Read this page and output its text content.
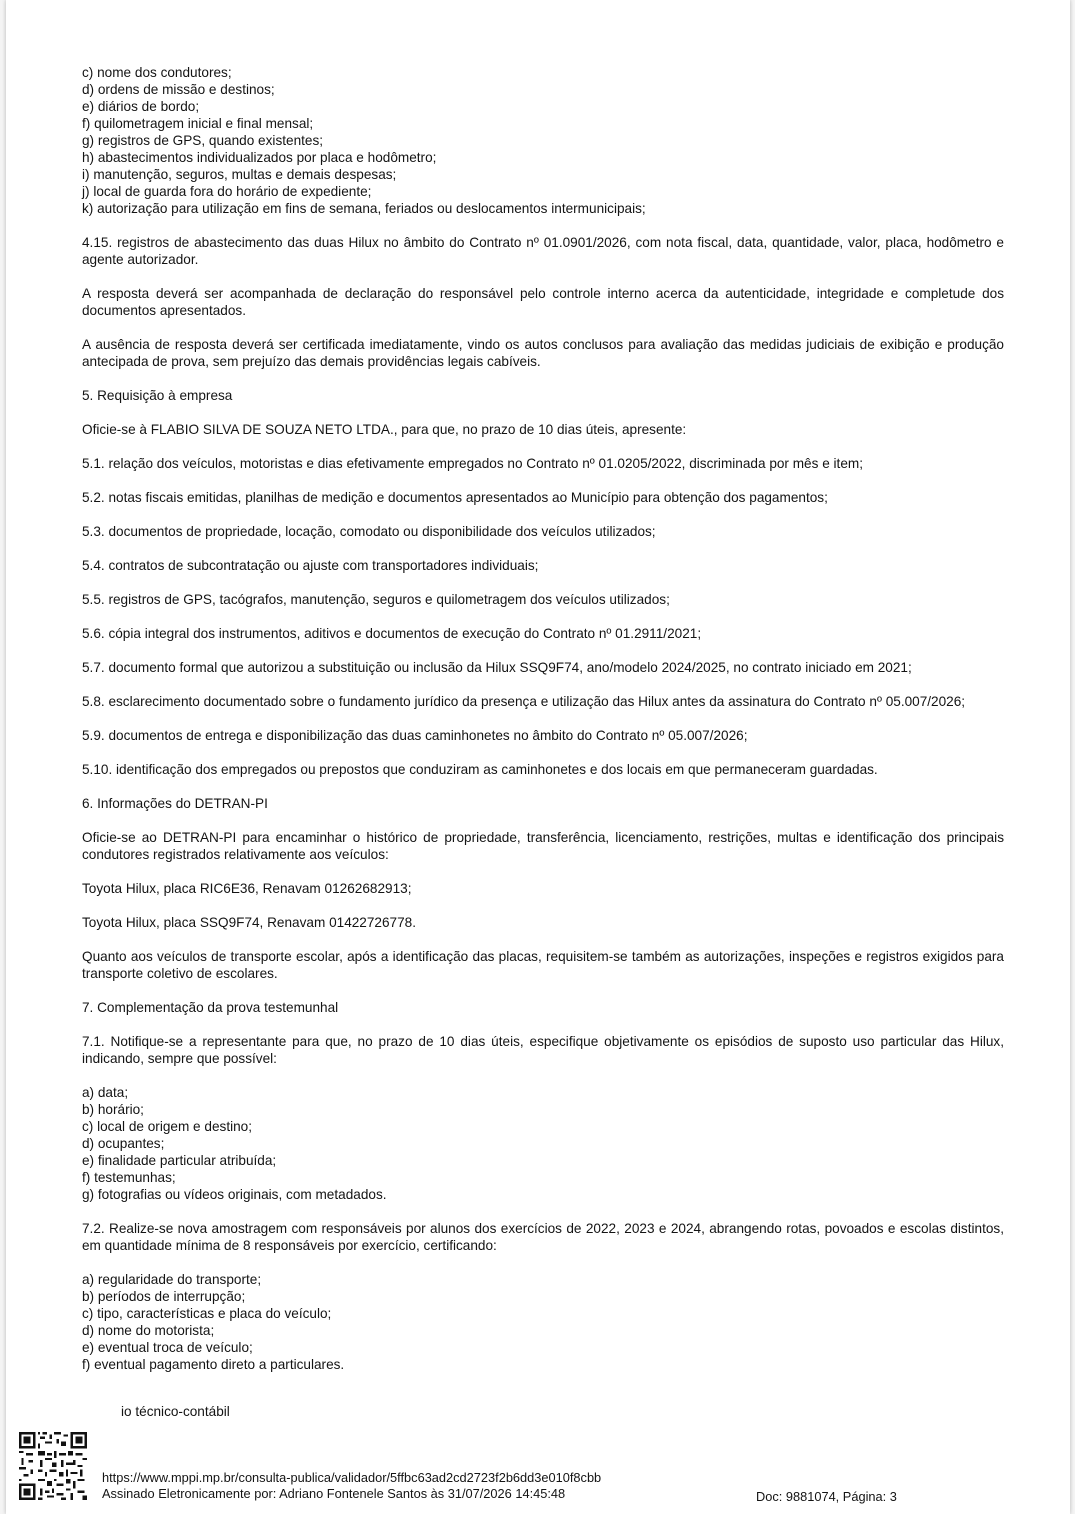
c) nome dos condutores;
d) ordens de missão e destinos;
e) diários de bordo;
f) quilometragem inicial e final mensal;
g) registros de GPS, quando existentes;
h) abastecimentos individualizados por placa e hodômetro;
i) manutenção, seguros, multas e demais despesas;
j) local de guarda fora do horário de expediente;
k) autorização para utilização em fins de semana, feriados ou deslocamentos intermunicipais;
4.15. registros de abastecimento das duas Hilux no âmbito do Contrato nº 01.0901/2026, com nota fiscal, data, quantidade, valor, placa, hodômetro e agente autorizador.
A resposta deverá ser acompanhada de declaração do responsável pelo controle interno acerca da autenticidade, integridade e completude dos documentos apresentados.
A ausência de resposta deverá ser certificada imediatamente, vindo os autos conclusos para avaliação das medidas judiciais de exibição e produção antecipada de prova, sem prejuízo das demais providências legais cabíveis.
5. Requisição à empresa
Oficie-se à FLABIO SILVA DE SOUZA NETO LTDA., para que, no prazo de 10 dias úteis, apresente:
5.1. relação dos veículos, motoristas e dias efetivamente empregados no Contrato nº 01.0205/2022, discriminada por mês e item;
5.2. notas fiscais emitidas, planilhas de medição e documentos apresentados ao Município para obtenção dos pagamentos;
5.3. documentos de propriedade, locação, comodato ou disponibilidade dos veículos utilizados;
5.4. contratos de subcontratação ou ajuste com transportadores individuais;
5.5. registros de GPS, tacógrafos, manutenção, seguros e quilometragem dos veículos utilizados;
5.6. cópia integral dos instrumentos, aditivos e documentos de execução do Contrato nº 01.2911/2021;
5.7. documento formal que autorizou a substituição ou inclusão da Hilux SSQ9F74, ano/modelo 2024/2025, no contrato iniciado em 2021;
5.8. esclarecimento documentado sobre o fundamento jurídico da presença e utilização das Hilux antes da assinatura do Contrato nº 05.007/2026;
5.9. documentos de entrega e disponibilização das duas caminhonetes no âmbito do Contrato nº 05.007/2026;
5.10. identificação dos empregados ou prepostos que conduziram as caminhonetes e dos locais em que permaneceram guardadas.
6. Informações do DETRAN-PI
Oficie-se ao DETRAN-PI para encaminhar o histórico de propriedade, transferência, licenciamento, restrições, multas e identificação dos principais condutores registrados relativamente aos veículos:
Toyota Hilux, placa RIC6E36, Renavam 01262682913;
Toyota Hilux, placa SSQ9F74, Renavam 01422726778.
Quanto aos veículos de transporte escolar, após a identificação das placas, requisitem-se também as autorizações, inspeções e registros exigidos para transporte coletivo de escolares.
7. Complementação da prova testemunhal
7.1. Notifique-se a representante para que, no prazo de 10 dias úteis, especifique objetivamente os episódios de suposto uso particular das Hilux, indicando, sempre que possível:
a) data;
b) horário;
c) local de origem e destino;
d) ocupantes;
e) finalidade particular atribuída;
f) testemunhas;
g) fotografias ou vídeos originais, com metadados.
7.2. Realize-se nova amostragem com responsáveis por alunos dos exercícios de 2022, 2023 e 2024, abrangendo rotas, povoados e escolas distintos, em quantidade mínima de 8 responsáveis por exercício, certificando:
a) regularidade do transporte;
b) períodos de interrupção;
c) tipo, características e placa do veículo;
d) nome do motorista;
e) eventual troca de veículo;
f) eventual pagamento direto a particulares.
io técnico-contábil
https://www.mppi.mp.br/consulta-publica/validador/5ffbc63ad2cd2723f2b6dd3e010f8cbb
Assinado Eletronicamente por: Adriano Fontenele Santos às 31/07/2026 14:45:48	Doc: 9881074, Página: 3
